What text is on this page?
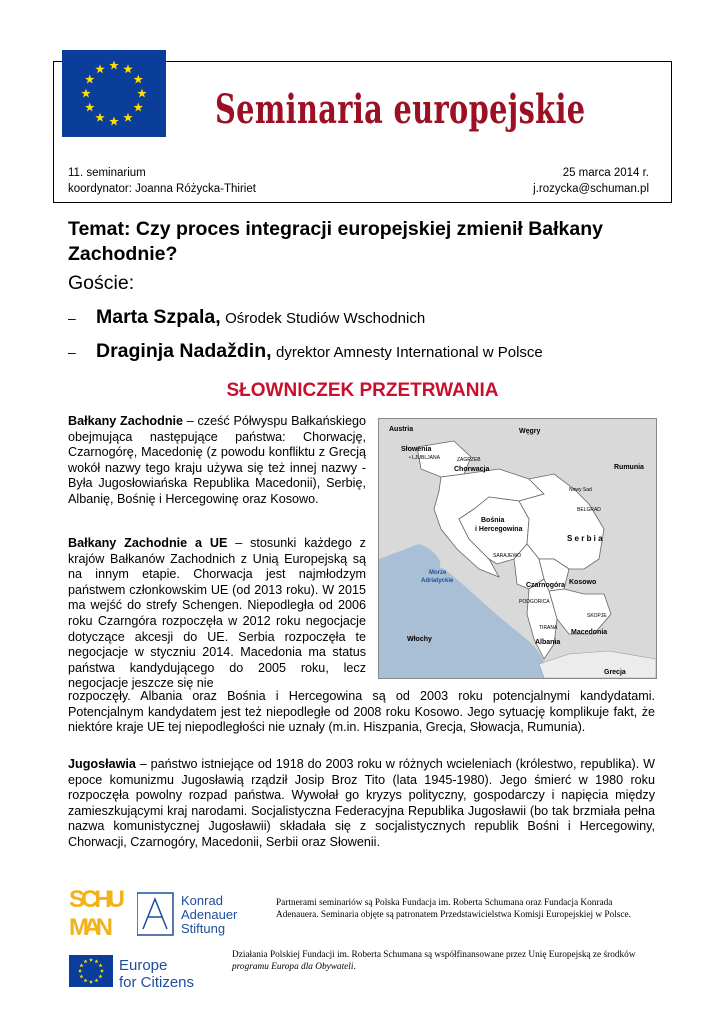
Seminaria europejskie
11. seminarium
koordynator: Joanna Różycka-Thiriet
25 marca 2014 r.
j.rozycka@schuman.pl
Temat: Czy proces integracji europejskiej zmienił Bałkany Zachodnie?
Goście:
– Marta Szpala, Ośrodek Studiów Wschodnich
– Draginja Nadaždin, dyrektor Amnesty International w Polsce
SŁOWNICZEK PRZETRWANIA
Bałkany Zachodnie – cześć Półwyspu Bałkańskiego obejmująca następujące państwa: Chorwację, Czarnogórę, Macedonię (z powodu konfliktu z Grecją wokół nazwy tego kraju używa się też innej nazwy - Była Jugosłowiańska Republika Macedonii), Serbię, Albanię, Bośnię i Hercegowinę oraz Kosowo.
Bałkany Zachodnie a UE – stosunki każdego z krajów Bałkanów Zachodnich z Unią Europejską są na innym etapie. Chorwacja jest najmłodzym państwem członkowskim UE (od 2013 roku). W 2015 ma wejść do strefy Schengen. Niepodległa od 2006 roku Czarngóra rozpoczęła w 2012 roku negocjacje dotyczące akcesji do UE. Serbia rozpoczęła te negocjacje w styczniu 2014. Macedonia ma status państwa kandydującego do 2005 roku, lecz negocjacje jeszcze się nie
rozpoczęły. Albania oraz Bośnia i Hercegowina są od 2003 roku potencjalnymi kandydatami. Potencjalnym kandydatem jest też niepodległe od 2008 roku Kosowo. Jego sytuację komplikuje fakt, że niektóre kraje UE tej niepodległości nie uznały (m.in. Hiszpania, Grecja, Słowacja, Rumunia).
Jugosławia – państwo istniejące od 1918 do 2003 roku w różnych wcieleniach (królestwo, republika). W epoce komunizmu Jugosławią rządził Josip Broz Tito (lata 1945-1980). Jego śmierć w 1980 roku rozpoczęła powolny rozpad państwa. Wywołał go kryzys polityczny, gospodarczy i napięcia między zamieszkującymi kraj narodami. Socjalistyczna Federacyjna Republika Jugosławii (bo tak brzmiała pełna nazwa komunistycznej Jugosławii) składała się z socjalistycznych republik Bośni i Hercegowiny, Chorwacji, Czarnogóry, Macedonii, Serbii oraz Słowenii.
Austria	Węgry
Słowenia
Chorwacja	Rumunia
Bośnia
i Hercegowina
S e r b i a
Czarnogóra Kosowo
Macedonia
Albania
Włochy
Grecja
• LJUBLJANA	ZAGRZEB
Nowy Sad
BELGRAD
SARAJEWO
PODGORICA
SKOPJE
TIRANA
Morze
Adriatyckie
SCHU
MAN
Konrad
Adenauer
Stiftung
Europe
for Citizens
Partnerami seminariów są Polska Fundacja im. Roberta Schumana oraz Fundacja Konrada Adenauera. Seminaria objęte są patronatem Przedstawicielstwa Komisji Europejskiej w Polsce.
Działania Polskiej Fundacji im. Roberta Schumana są współfinansowane przez Unię Europejską ze środków programu Europa dla Obywateli.
